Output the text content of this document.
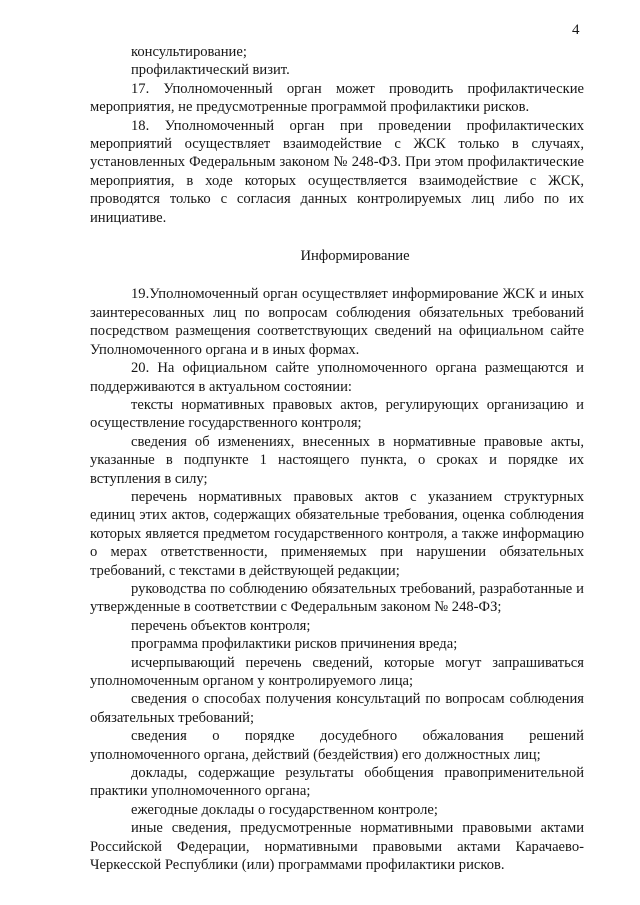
4

консультирование;

профилактический визит.

17. Уполномоченный орган может проводить профилактические мероприятия, не предусмотренные программой профилактики рисков.

18. Уполномоченный орган при проведении профилактических мероприятий осуществляет взаимодействие с ЖСК только в случаях, установленных Федеральным законом № 248-ФЗ. При этом профилактические мероприятия, в ходе которых осуществляется взаимодействие с ЖСК, проводятся только с согласия данных контролируемых лиц либо по их инициативе.

Информирование

19.Уполномоченный орган осуществляет информирование ЖСК и иных заинтересованных лиц по вопросам соблюдения обязательных требований посредством размещения соответствующих сведений на официальном сайте Уполномоченного органа и в иных формах.

20. На официальном сайте уполномоченного органа размещаются и поддерживаются в актуальном состоянии:

тексты нормативных правовых актов, регулирующих организацию и осуществление государственного контроля;

сведения об изменениях, внесенных в нормативные правовые акты, указанные в подпункте 1 настоящего пункта, о сроках и порядке их вступления в силу;

перечень нормативных правовых актов с указанием структурных единиц этих актов, содержащих обязательные требования, оценка соблюдения которых является предметом государственного контроля, а также информацию о мерах ответственности, применяемых при нарушении обязательных требований, с текстами в действующей редакции;

руководства по соблюдению обязательных требований, разработанные и утвержденные в соответствии с Федеральным законом № 248-ФЗ;

перечень объектов контроля;

программа профилактики рисков причинения вреда;

исчерпывающий перечень сведений, которые могут запрашиваться уполномоченным органом у контролируемого лица;

сведения о способах получения консультаций по вопросам соблюдения обязательных требований;

сведения о порядке досудебного обжалования решений уполномоченного органа, действий (бездействия) его должностных лиц;

доклады, содержащие результаты обобщения правоприменительной практики уполномоченного органа;

ежегодные доклады о государственном контроле;

иные сведения, предусмотренные нормативными правовыми актами Российской Федерации, нормативными правовыми актами Карачаево-Черкесской Республики (или) программами профилактики рисков.
